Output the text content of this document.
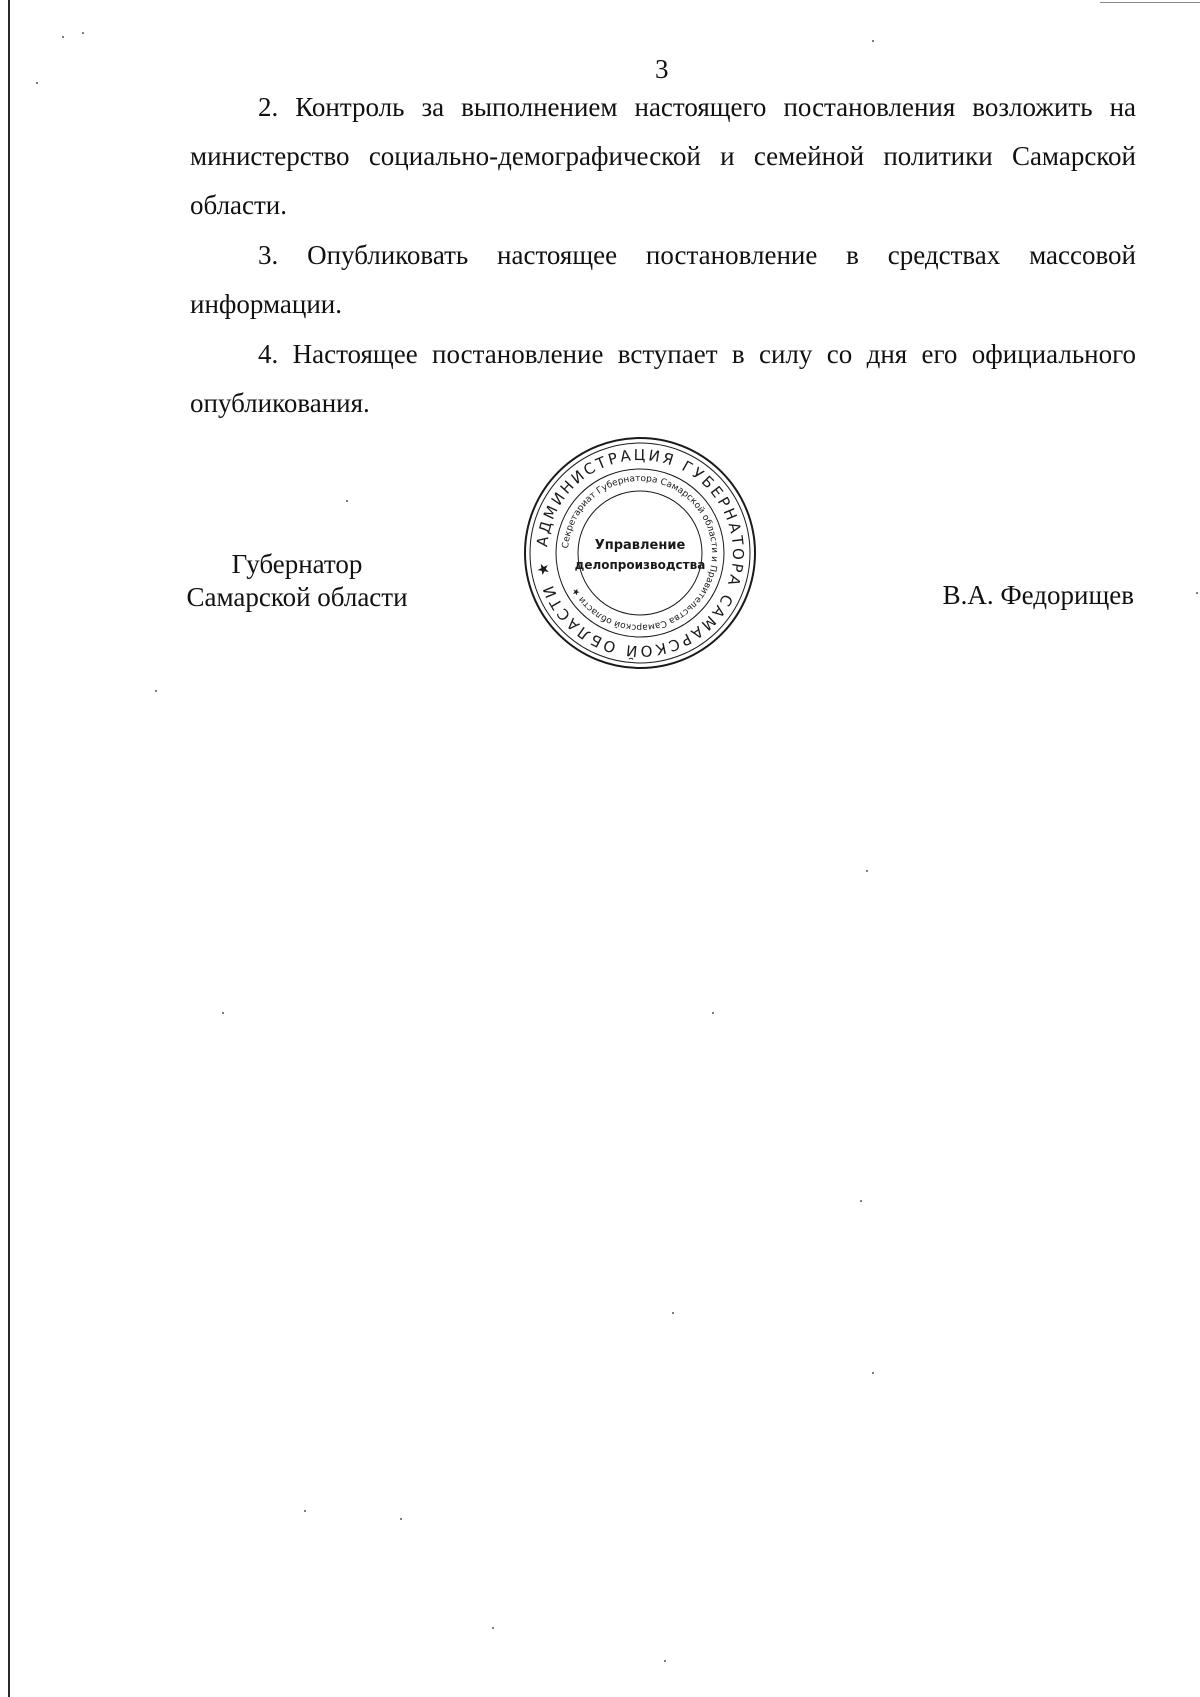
3

2. Контроль за выполнением настоящего постановления возложить на министерство социально-демографической и семейной политики Самарской области.

3. Опубликовать настоящее постановление в средствах массовой информации.

4. Настоящее постановление вступает в силу со дня его официального опубликования.

Губернатор
Самарской области
АДМИНИСТРАЦИЯ ГУБЕРНАТОРА САМАРСКОЙ ОБЛАСТИ ★
Секретариат Губернатора Самарской области и Правительства Самарской области ★
Управление
делопроизводства
В.А. Федорищев
